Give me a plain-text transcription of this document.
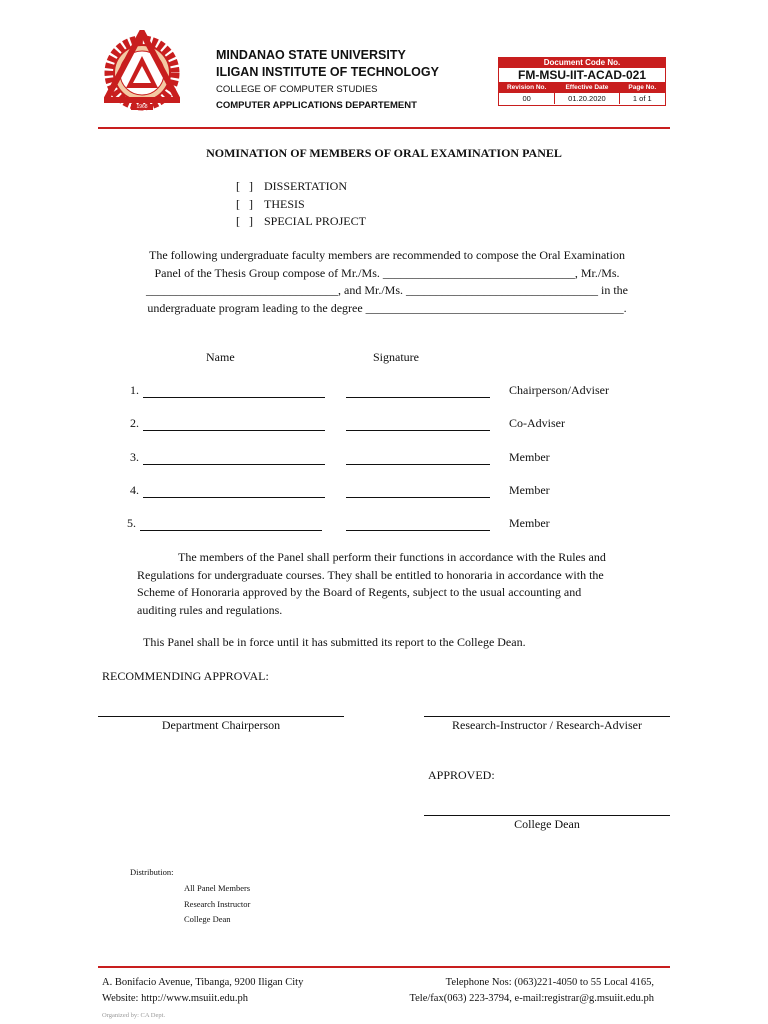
1968
MINDANAO STATE UNIVERSITY
ILIGAN INSTITUTE OF TECHNOLOGY
COLLEGE OF COMPUTER STUDIES
COMPUTER APPLICATIONS DEPARTEMENT
Document Code No.
FM-MSU-IIT-ACAD-021
Revision No.	Effective Date	Page No.
00	01.20.2020	1 of 1
NOMINATION OF MEMBERS OF ORAL EXAMINATION PANEL
[   ] DISSERTATION
[   ] THESIS
[   ] SPECIAL PROJECT
The following undergraduate faculty members are recommended to compose the Oral Examination
Panel of the Thesis Group compose of Mr./Ms. ________________________________, Mr./Ms.
________________________________, and Mr./Ms. ________________________________ in the
undergraduate program leading to the degree ___________________________________________.
Name	Signature
1.	Chairperson/Adviser
2.	Co-Adviser
3.	Member
4.	Member
5.	Member
The members of the Panel shall perform their functions in accordance with the Rules and
Regulations for undergraduate courses. They shall be entitled to honoraria in accordance with the
Scheme of Honoraria approved by the Board of Regents, subject to the usual accounting and
auditing rules and regulations.
This Panel shall be in force until it has submitted its report to the College Dean.
RECOMMENDING APPROVAL:
Department Chairperson	Research-Instructor / Research-Adviser
APPROVED:
College Dean
Distribution:
All Panel Members
Research Instructor
College Dean
A. Bonifacio Avenue, Tibanga, 9200 Iligan City
Website: http://www.msuiit.edu.ph
Telephone Nos: (063)221-4050 to 55 Local 4165,
Tele/fax(063) 223-3794, e-mail:registrar@g.msuiit.edu.ph
Organized by: CA Dept.
